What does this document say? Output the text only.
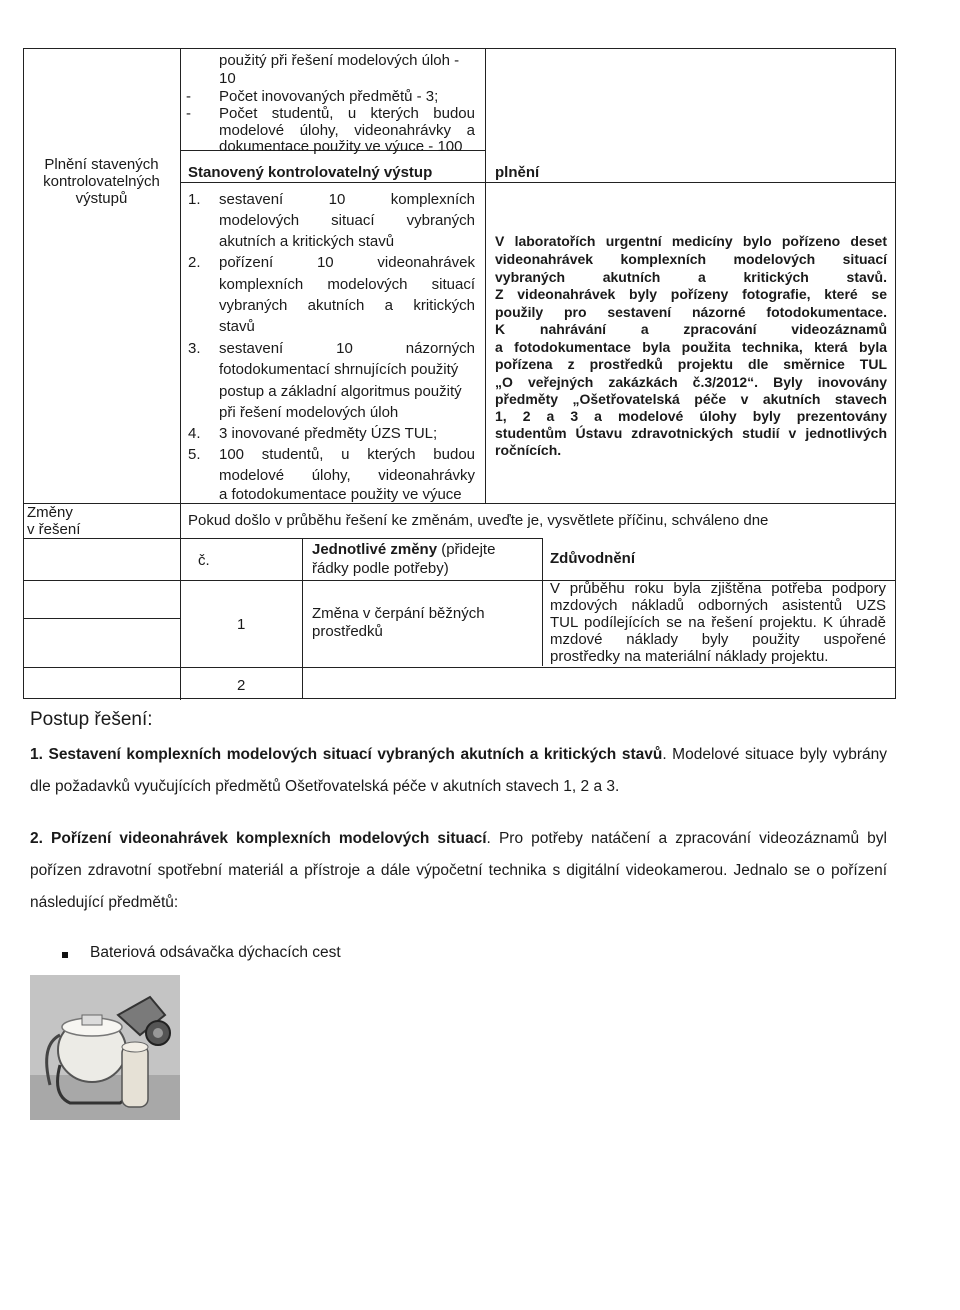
použitý při řešení modelových úloh -
10
- Počet inovovaných předmětů - 3;
- Počet studentů, u kterých budou
modelové úlohy, videonahrávky a
dokumentace použity ve výuce - 100
Plnění stavených
kontrolovatelných
výstupů
Změny
v řešení
Stanovený kontrolovatelný výstup	plnění
1. sestavení 10 komplexních
modelových situací vybraných
akutních a kritických stavů
2. pořízení 10 videonahrávek
komplexních modelových situací
vybraných akutních a kritických
stavů
3. sestavení 10 názorných
fotodokumentací shrnujících použitý
postup a základní algoritmus použitý
při řešení modelových úloh
4. 3 inovované předměty ÚZS TUL;
5. 100 studentů, u kterých budou
modelové úlohy, videonahrávky
a fotodokumentace použity ve výuce
V laboratořích urgentní medicíny bylo pořízeno deset
videonahrávek komplexních modelových situací
vybraných akutních a kritických stavů.
Z videonahrávek byly pořízeny fotografie, které se
použily pro sestavení názorné fotodokumentace.
K nahrávání a zpracování videozáznamů
a fotodokumentace byla použita technika, která byla
pořízena z prostředků projektu dle směrnice TUL
„O veřejných zakázkách č.3/2012“. Byly inovovány
předměty „Ošetřovatelská péče v akutních stavech
1, 2 a 3 a modelové úlohy byly prezentovány
studentům Ústavu zdravotnických studií v jednotlivých
ročnících.
Pokud došlo v průběhu řešení ke změnám, uveďte je, vysvětlete příčinu, schváleno dne
č.
Jednotlivé změny (přidejte
řádky podle potřeby)
Zdůvodnění
1
Změna v čerpání běžných
prostředků
V průběhu roku byla zjištěna potřeba podpory
mzdových nákladů odborných asistentů UZS
TUL podílejících se na řešení projektu. K úhradě
mzdové náklady byly použity uspořené
prostředky na materiální náklady projektu.
2
Postup řešení:
1. Sestavení komplexních modelových situací vybraných akutních a kritických stavů. Modelové situace byly vybrány dle požadavků vyučujících předmětů Ošetřovatelská péče v akutních stavech 1, 2 a 3.
2. Pořízení videonahrávek komplexních modelových situací. Pro potřeby natáčení a zpracování videozáznamů byl pořízen zdravotní spotřební materiál a přístroje a dále výpočetní technika s digitální videokamerou. Jednalo se o pořízení následující předmětů:
Bateriová odsávačka dýchacích cest
